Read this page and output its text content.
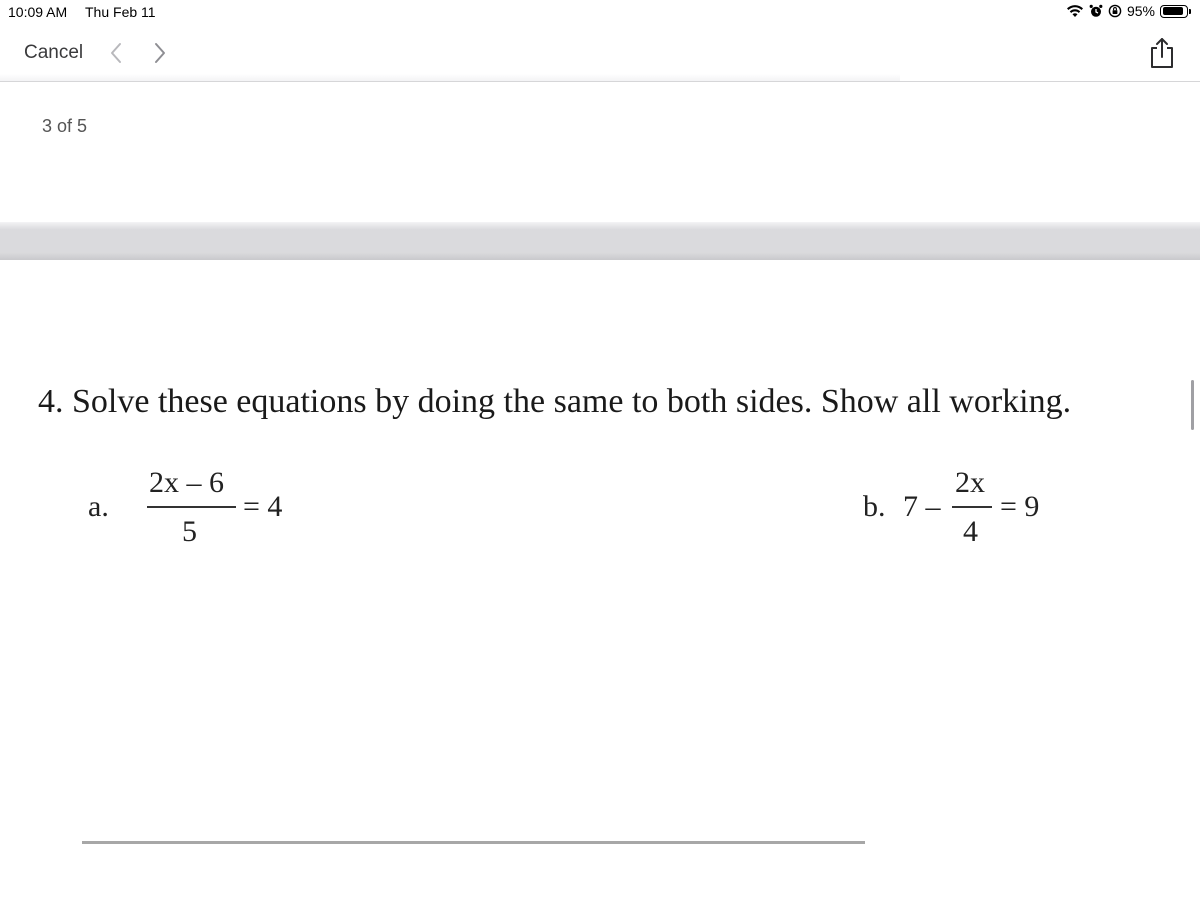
10:09 AM Thu Feb 11	95%
Cancel
3 of 5
4. Solve these equations by doing the same to both sides. Show all working.
a.
2x – 6
5
= 4	b. 7 –
2x
4
= 9
